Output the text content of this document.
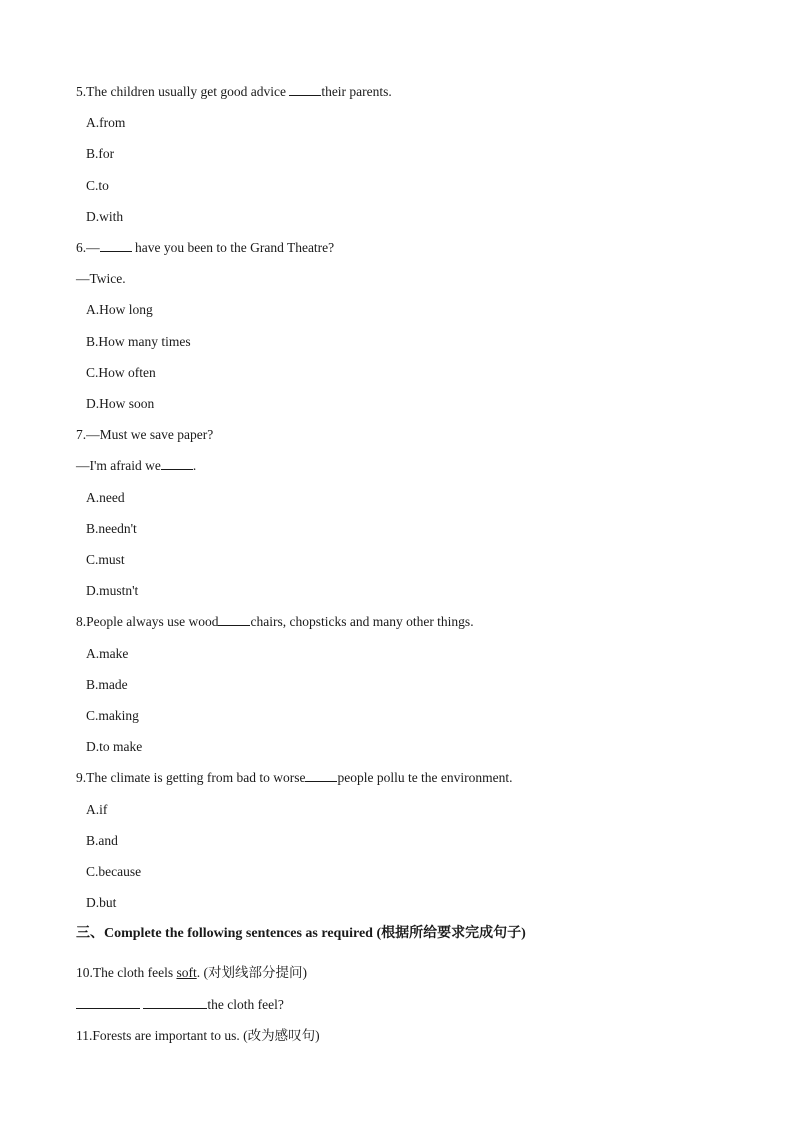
5.The children usually get good advice their parents.
A.from
B.for
C.to
D.with
6.— have you been to the Grand Theatre?
—Twice.
A.How long
B.How many times
C.How often
D.How soon
7.—Must we save paper?
—I'm afraid we .
A.need
B.needn't
C.must
D.mustn't
8.People always use wood chairs, chopsticks and many other things.
A.make
B.made
C.making
D.to make
9.The climate is getting from bad to worse people pollu te the environment.
A.if
B.and
C.because
D.but
三、Complete the following sentences as required (根据所给要求完成句子)
10.The cloth feels soft. (对划线部分提问)
the cloth feel?
11.Forests are important to us. (改为感叹句)
